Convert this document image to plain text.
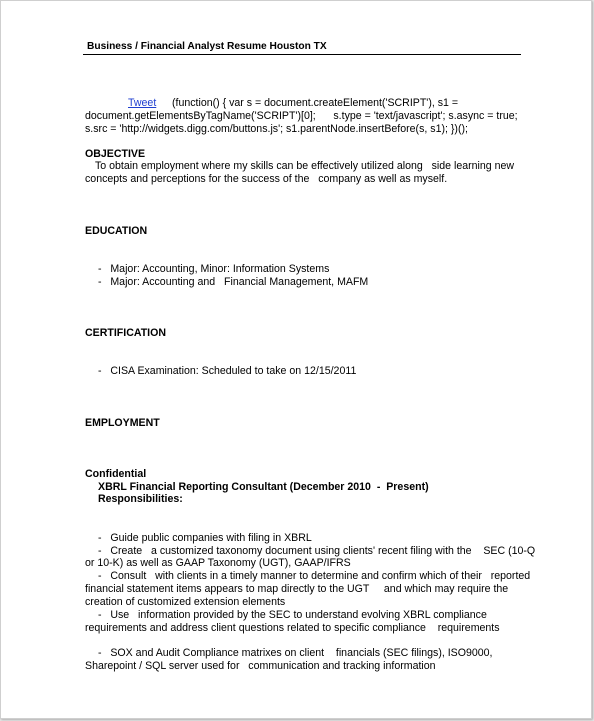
Business / Financial Analyst Resume Houston TX
Tweet (function() { var s = document.createElement('SCRIPT'), s1 =
document.getElementsByTagName('SCRIPT')[0];      s.type = 'text/javascript'; s.async = true;
s.src = 'http://widgets.digg.com/buttons.js'; s1.parentNode.insertBefore(s, s1); })();
OBJECTIVE
To obtain employment where my skills can be effectively utilized along   side learning new
concepts and perceptions for the success of the   company as well as myself.
EDUCATION
-   Major: Accounting, Minor: Information Systems
-   Major: Accounting and   Financial Management, MAFM
CERTIFICATION
-   CISA Examination: Scheduled to take on 12/15/2011
EMPLOYMENT
Confidential
XBRL Financial Reporting Consultant (December 2010  -  Present)
Responsibilities:
-   Guide public companies with filing in XBRL
-   Create   a customized taxonomy document using clients' recent filing with the    SEC (10-Q
or 10-K) as well as GAAP Taxonomy (UGT), GAAP/IFRS
-   Consult   with clients in a timely manner to determine and confirm which of their   reported
financial statement items appears to map directly to the UGT     and which may require the
creation of customized extension elements
-   Use   information provided by the SEC to understand evolving XBRL compliance
requirements and address client questions related to specific compliance    requirements
-   SOX and Audit Compliance matrixes on client    financials (SEC filings), ISO9000,
Sharepoint / SQL server used for   communication and tracking information
